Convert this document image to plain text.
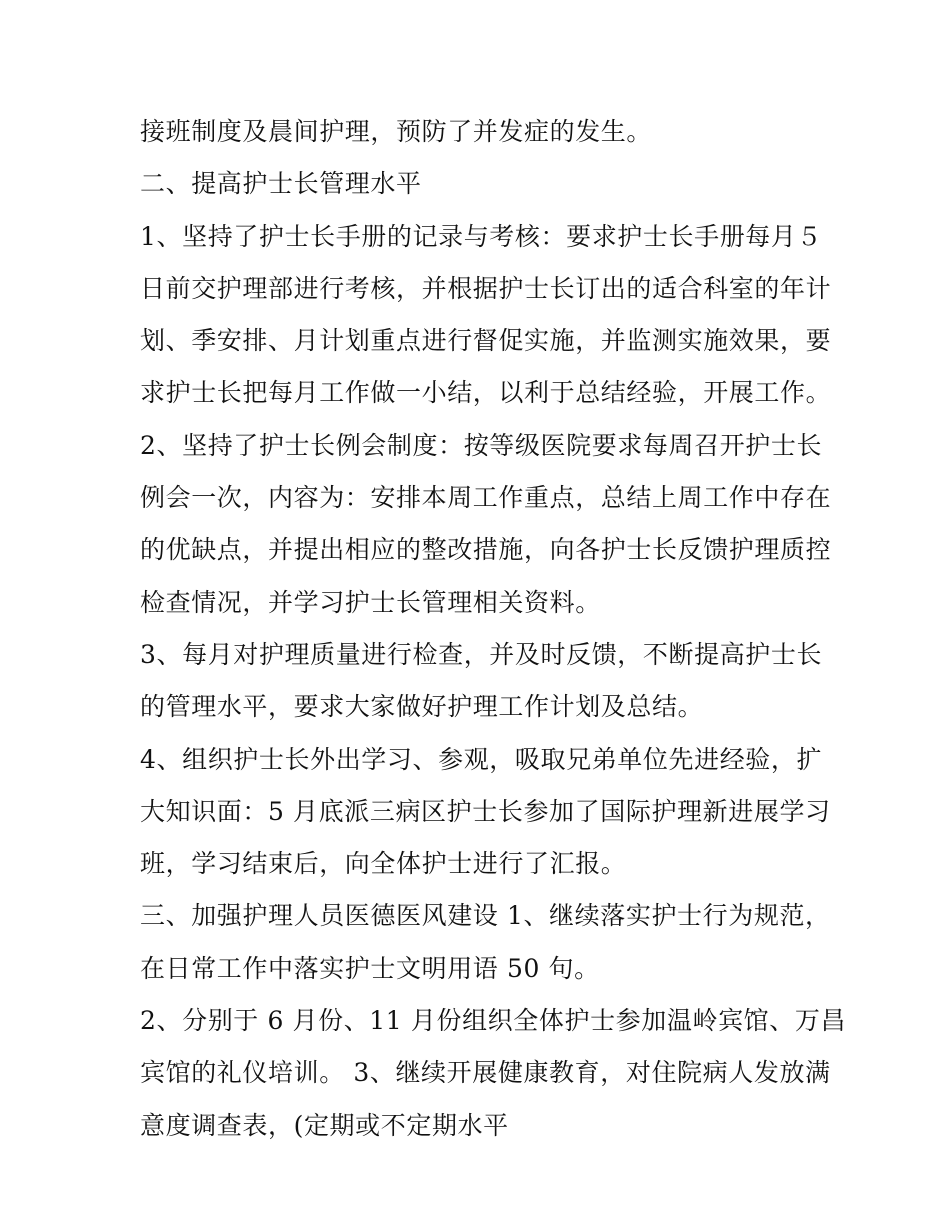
接班制度及晨间护理，预防了并发症的发生。
二、提高护士长管理水平
1、坚持了护士长手册的记录与考核：要求护士长手册每月５
日前交护理部进行考核，并根据护士长订出的适合科室的年计
划、季安排、月计划重点进行督促实施，并监测实施效果，要
求护士长把每月工作做一小结，以利于总结经验，开展工作。
2、坚持了护士长例会制度：按等级医院要求每周召开护士长
例会一次，内容为：安排本周工作重点，总结上周工作中存在
的优缺点，并提出相应的整改措施，向各护士长反馈护理质控
检查情况，并学习护士长管理相关资料。
3、每月对护理质量进行检查，并及时反馈，不断提高护士长
的管理水平，要求大家做好护理工作计划及总结。
4、组织护士长外出学习、参观，吸取兄弟单位先进经验，扩
大知识面：5 月底派三病区护士长参加了国际护理新进展学习
班，学习结束后，向全体护士进行了汇报。
三、加强护理人员医德医风建设 1、继续落实护士行为规范，
在日常工作中落实护士文明用语 50 句。
2、分别于 6 月份、11 月份组织全体护士参加温岭宾馆、万昌
宾馆的礼仪培训。 3、继续开展健康教育，对住院病人发放满
意度调查表，(定期或不定期水平
